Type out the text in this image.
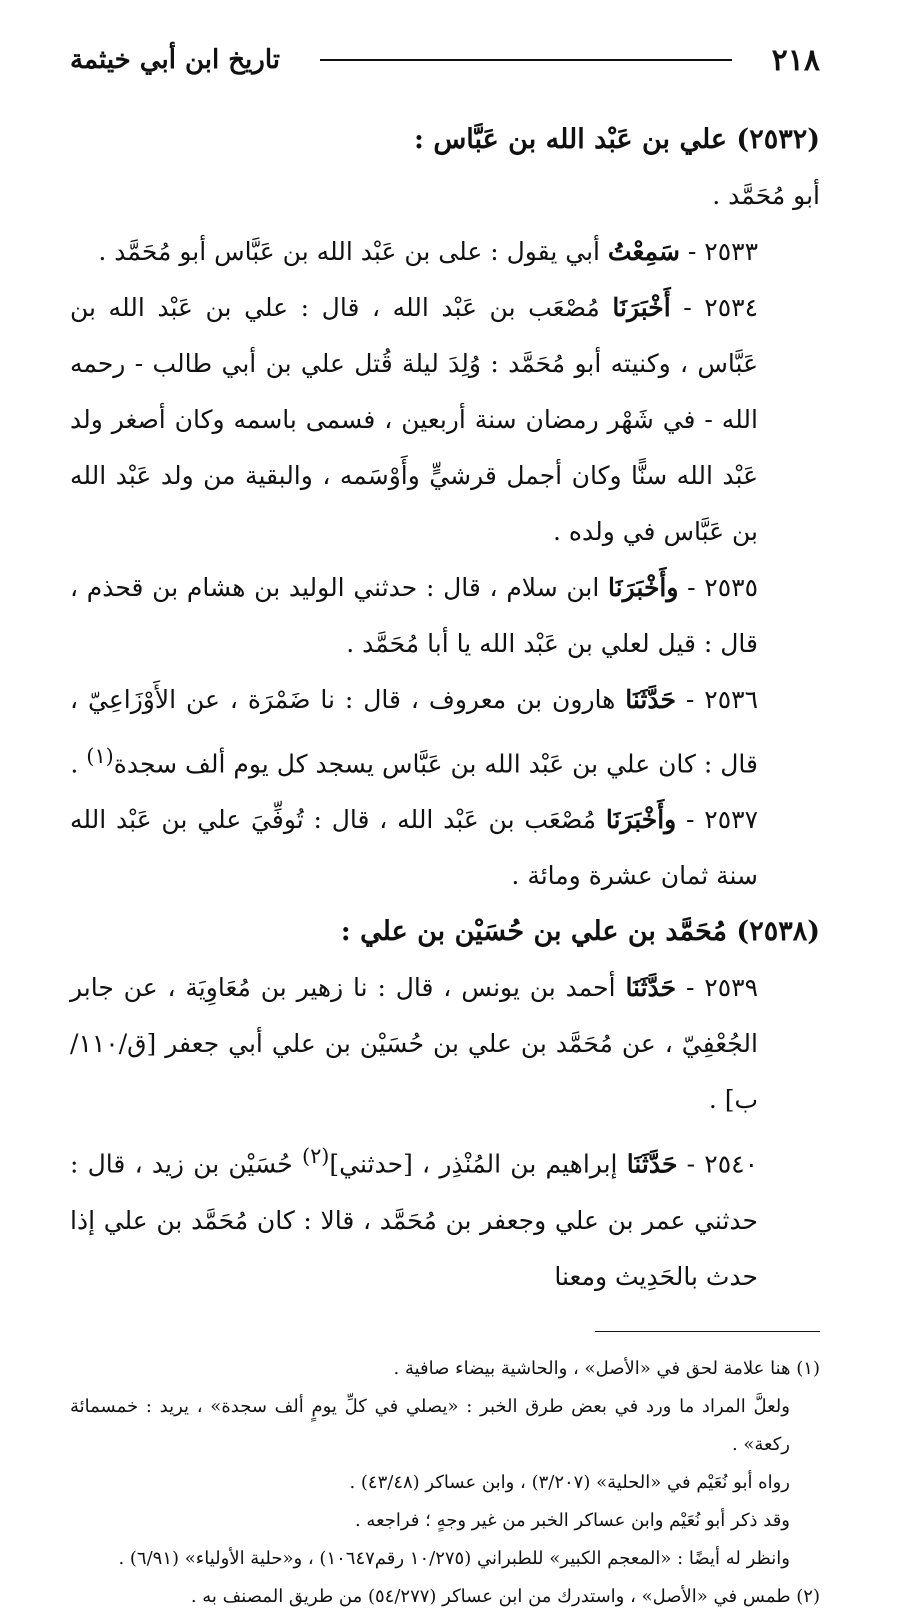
٢١٨
تاريخ ابن أبي خيثمة

(٢٥٣٢) علي بن عَبْد الله بن عَبَّاس :

أبو مُحَمَّد .

٢٥٣٣ - سَمِعْتُ أبي يقول : على بن عَبْد الله بن عَبَّاس أبو مُحَمَّد .

٢٥٣٤ - أَخْبَرَنَا مُصْعَب بن عَبْد الله ، قال : علي بن عَبْد الله بن عَبَّاس ، وكنيته أبو مُحَمَّد : وُلِدَ ليلة قُتل علي بن أبي طالب - رحمه الله - في شَهْر رمضان سنة أربعين ، فسمى باسمه وكان أصغر ولد عَبْد الله سنًّا وكان أجمل قرشيٍّ وأَوْسَمه ، والبقية من ولد عَبْد الله بن عَبَّاس في ولده .

٢٥٣٥ - وأَخْبَرَنَا ابن سلام ، قال : حدثني الوليد بن هشام بن قحذم ، قال : قيل لعلي بن عَبْد الله يا أبا مُحَمَّد .

٢٥٣٦ - حَدَّثَنَا هارون بن معروف ، قال : نا ضَمْرَة ، عن الأَوْزَاعِيّ ، قال : كان علي بن عَبْد الله بن عَبَّاس يسجد كل يوم ألف سجدة$^{(١)}$ .

٢٥٣٧ - وأَخْبَرَنَا مُصْعَب بن عَبْد الله ، قال : تُوفِّيَ علي بن عَبْد الله سنة ثمان عشرة ومائة .

(٢٥٣٨) مُحَمَّد بن علي بن حُسَيْن بن علي :

٢٥٣٩ - حَدَّثَنَا أحمد بن يونس ، قال : نا زهير بن مُعَاوِيَة ، عن جابر الجُعْفِيّ ، عن مُحَمَّد بن علي بن حُسَيْن بن علي أبي جعفر [ق/١١٠/ب] .

٢٥٤٠ - حَدَّثَنَا إبراهيم بن المُنْذِر ، [حدثني]$^{(٢)}$ حُسَيْن بن زيد ، قال : حدثني عمر بن علي وجعفر بن مُحَمَّد ، قالا : كان مُحَمَّد بن علي إذا حدث بالحَدِيث ومعنا

(١) هنا علامة لحق في «الأصل» ، والحاشية بيضاء صافية .

ولعلَّ المراد ما ورد في بعض طرق الخبر : «يصلي في كلِّ يومٍ ألف سجدة» ، يريد : خمسمائة ركعة» .

رواه أبو نُعَيْم في «الحلية» (٣/٢٠٧) ، وابن عساكر (٤٣/٤٨) .

وقد ذكر أبو نُعَيْم وابن عساكر الخبر من غير وجهٍ ؛ فراجعه .

وانظر له أيضًا : «المعجم الكبير» للطبراني (١٠/٢٧٥ رقم١٠٦٤٧) ، و«حلية الأولياء» (٦/٩١) .

(٢) طمس في «الأصل» ، واستدرك من ابن عساكر (٥٤/٢٧٧) من طريق المصنف به .
